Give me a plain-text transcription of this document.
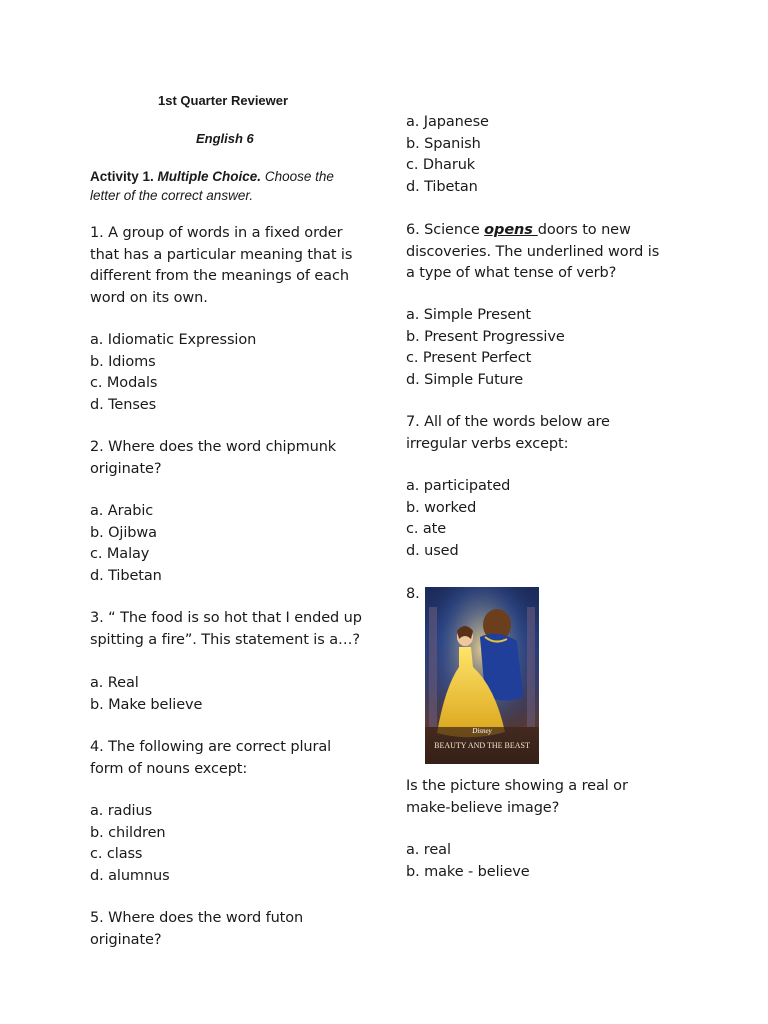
1st Quarter Reviewer
English 6
Activity 1. Multiple Choice. Choose the letter of the correct answer.
1. A group of words in a fixed order that has a particular meaning that is different from the meanings of each word on its own.
a. Idiomatic Expression
b. Idioms
c. Modals
d. Tenses
2. Where does the word chipmunk originate?
a. Arabic
b. Ojibwa
c. Malay
d. Tibetan
3. “ The food is so hot that I ended up spitting a fire”. This statement is a…?
a. Real
b. Make believe
4. The following are correct plural form of nouns except:
a. radius
b. children
c. class
d. alumnus
5. Where does the word futon originate?
a. Japanese
b. Spanish
c. Dharuk
d. Tibetan
6. Science opens doors to new discoveries. The underlined word is a type of what tense of verb?
a. Simple Present
b. Present Progressive
c. Present Perfect
d. Simple Future
7. All of the words below are irregular verbs except:
a. participated
b. worked
c. ate
d. used
8.
Disney
BEAUTY AND THE BEAST
Is the picture showing a real or make-believe image?
a. real
b. make - believe
